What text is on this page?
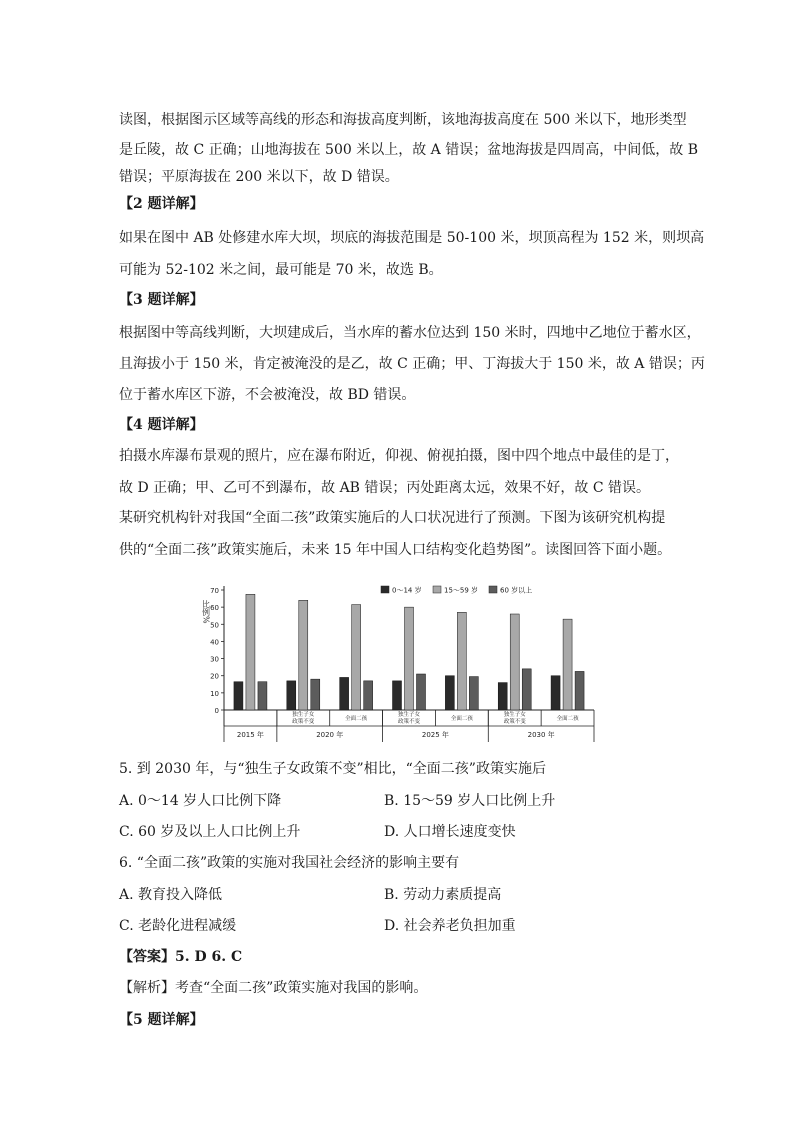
读图，根据图示区域等高线的形态和海拔高度判断，该地海拔高度在 500 米以下，地形类型
是丘陵，故 C 正确；山地海拔在 500 米以上，故 A 错误；盆地海拔是四周高，中间低，故 B
错误；平原海拔在 200 米以下，故 D 错误。
【2 题详解】
如果在图中 AB 处修建水库大坝，坝底的海拔范围是 50-100 米，坝顶高程为 152 米，则坝高
可能为 52-102 米之间，最可能是 70 米，故选 B。
【3 题详解】
根据图中等高线判断，大坝建成后，当水库的蓄水位达到 150 米时，四地中乙地位于蓄水区，
且海拔小于 150 米，肯定被淹没的是乙，故 C 正确；甲、丁海拔大于 150 米，故 A 错误；丙
位于蓄水库区下游，不会被淹没，故 BD 错误。
【4 题详解】
拍摄水库瀑布景观的照片，应在瀑布附近，仰视、俯视拍摄，图中四个地点中最佳的是丁，
故 D 正确；甲、乙可不到瀑布，故 AB 错误；丙处距离太远，效果不好，故 C 错误。
某研究机构针对我国“全面二孩”政策实施后的人口状况进行了预测。下图为该研究机构提
供的“全面二孩”政策实施后，未来 15 年中国人口结构变化趋势图”。读图回答下面小题。
0
10
20
30
40
50
60
70
比例%
0～14 岁	15～59 岁	60 岁以上
2015 年
独生子女
政策不变	全面二孩
2020 年
独生子女
政策不变	全面二孩
2025 年
独生子女
政策不变	全面二孩
2030 年
5. 到 2030 年，与“独生子女政策不变”相比，“全面二孩”政策实施后
A. 0～14 岁人口比例下降	B. 15～59 岁人口比例上升
C. 60 岁及以上人口比例上升	D. 人口增长速度变快
6. “全面二孩”政策的实施对我国社会经济的影响主要有
A. 教育投入降低	B. 劳动力素质提高
C. 老龄化进程减缓	D. 社会养老负担加重
【答案】5. D 6. C
【解析】考查“全面二孩”政策实施对我国的影响。
【5 题详解】
